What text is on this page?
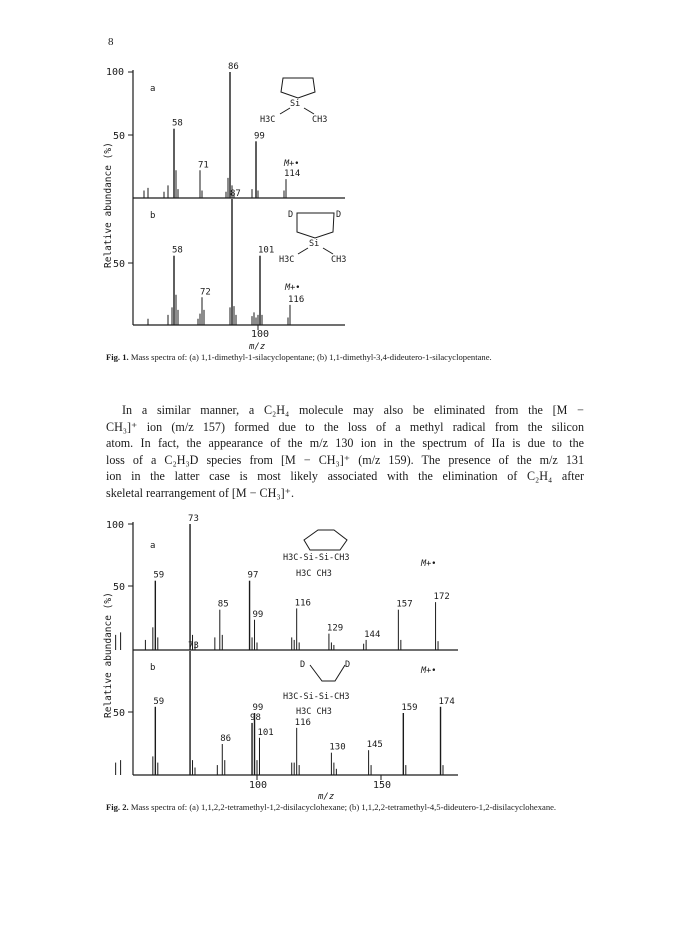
8
100
50
50
100
m/z
Relative abundance (%)
a
b
M+•
M+•
Si
H3C	CH3
D	D
Si
H3C	CH3
58
71
86
99
114
58
72
87
101
116
100
50
50
100	150
m/z
Relative abundance (%)
a
b
M+•
M+•
H3C-Si-Si-CH3
H3C CH3
D	D
H3C-Si-Si-CH3
H3C CH3
59
73
85
97
99
116
129
144
157
172
59
73
86
98
99
101
116
130 145
159
174
Fig. 1. Mass spectra of: (a) 1,1-dimethyl-1-silacyclopentane; (b) 1,1-dimethyl-3,4-dideutero-1-silacyclopentane.
In a similar manner, a C₂H₄ molecule may also be eliminated from the [M −
CH₃]⁺ ion (m/z 157) formed due to the loss of a methyl radical from the silicon
atom. In fact, the appearance of the m/z 130 ion in the spectrum of IIa is due to the
loss of a C₂H₃D species from [M − CH₃]⁺ (m/z 159). The presence of the m/z 131
ion in the latter case is most likely associated with the elimination of C₂H₄ after
skeletal rearrangement of [M − CH₃]⁺.
Fig. 2. Mass spectra of: (a) 1,1,2,2-tetramethyl-1,2-disilacyclohexane; (b) 1,1,2,2-tetramethyl-4,5-dideutero-1,2-disilacyclohexane.
